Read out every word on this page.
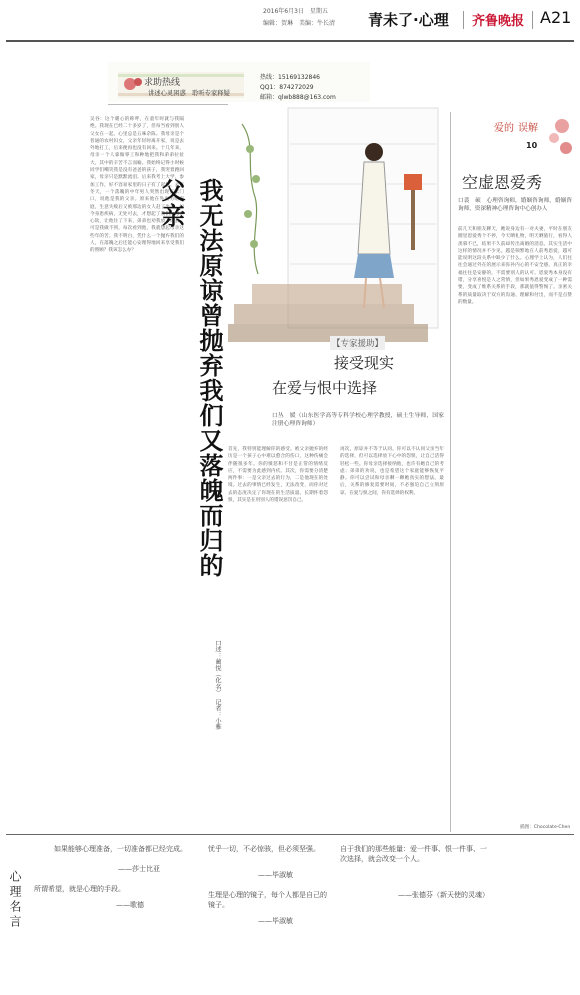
2016年6月3日　星期五
编辑：贺琳　美编：牛长清 青未了·心理 齐鲁晚报 A21
求助热线
讲述心灵困惑　聆听专家释疑
热线：15169132846
QQ1：874272029
邮箱：qlwb888@163.com
吴谷：这个暖心的称呼，在童年时就与我隔绝。我现在已经二十多岁了，但每当看到别人父女在一起，心里总是五味杂陈。我母亲是个普通的农村妇女，父亲年轻时离开家，说是去外地打工，后来便再也没有回来。十几年来，母亲一个人靠做零工和种地把我和弟弟拉扯大，其中的辛苦不言而喻。我始终记得小时候同学们嘲笑我是没有爸爸的孩子，我哭着跑回家，母亲只是默默流泪。后来我考上大学，参加工作，好不容易家里的日子有了起色。去年冬天，一个落魄的中年男人突然出现在家门口，说他是我的父亲。原来他在外面另组家庭，生意失败后又被那边的女人赶了出来，如今身患疾病，无处可去，才想起了我们。母亲心软，让他住了下来，弟弟也劝我放下过去。可是我做不到，每次看到他，我就想起母亲这些年的苦。我不明白，凭什么一个抛弃我们的人，在落魄之后还能心安理得地回来享受我们的照顾？我该怎么办？	我无法原谅曾抛弃我们又落魄而归的父亲
口述：蔺悦（化名）　记者：小雅
【专家援助】
接受现实
在爱与恨中选择
口丛　媛（山东医学高等专科学校心理学教授，硕士生导师，国家注册心理咨询师）
首先，我特别能理解你的感受。被父亲抛弃的经历是一个孩子心中难以愈合的伤口，这种伤痛会伴随很多年。你的愤怒和不甘是正常的情绪反应，不需要为此感到内疚。其次，你需要分清楚两件事：一是父亲过去的行为，二是他现在的处境。过去的事情已经发生，无法改变，而你对过去的态度决定了你现在的生活质量。长期怀着怨恨，其实是在用别人的错误惩罚自己。
再次，原谅并不等于认同。你可以不认同父亲当年的选择，但可以选择放下心中的怨恨，让自己活得轻松一些。你母亲选择接纳他，也许有她自己的考虑；弟弟的劝说，也是希望这个家庭能够恢复平静。你可以尝试和母亲聊一聊她真实的想法。最后，关系的修复需要时间，不必强迫自己立刻原谅，在爱与恨之间，你有选择的权利。
爱的 误解
10
空虚恩爱秀
口裴　硕　心理咨询师，婚姻咨询师，婚姻咨询师，资深精神心理咨询中心创办人
前几天和朋友聊天，她说身边有一对夫妻，平时在朋友圈里恩爱秀个不停，今天晒礼物，明天晒旅行，看得人羡慕不已，结果不久前却传出离婚的消息。其实生活中这样的情况并不少见。越是频繁地在人前秀恩爱，越可能说明这段关系中缺少了什么。心理学上认为，人们往往会通过外在的展示来弥补内心的不安全感。真正的幸福往往是安静的，不需要别人的认可。恩爱秀本身没有错，分享喜悦是人之常情，但如果秀恩爱变成了一种需要，变成了维系关系的手段，那就值得警惕了。亲密关系的质量取决于双方的沟通、理解和付出，而不是点赞的数量。
插图：Chocolate-Chen
心理名言
如果能够心理准备，一切准备都已经完成。
——莎士比亚
所谓希望，就是心理的手段。
——歌德
忧乎一切，不必惊骇，但必须坚强。
——毕淑敏
生理是心理的镜子，每个人都是自己的镜子。
——毕淑敏
自于我们的那些能量：爱一件事、恨一件事、一次选择，就会改变一个人。
——张德芬（新天使的灵魂）
